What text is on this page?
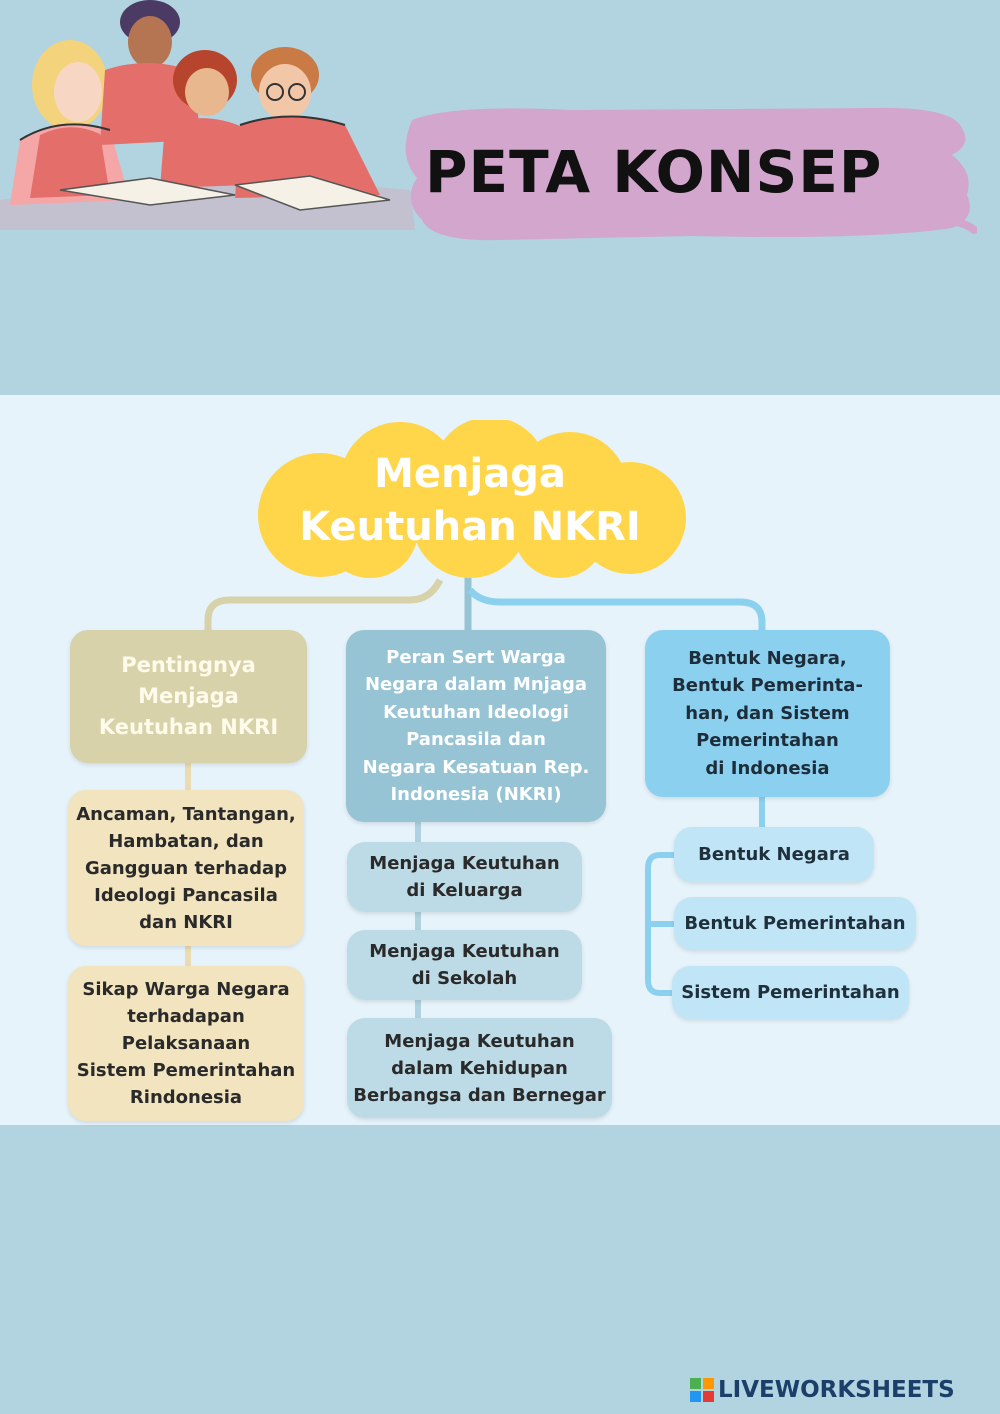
PETA KONSEP
Menjaga
Keutuhan NKRI
Pentingnya
Menjaga
Keutuhan NKRI
Ancaman, Tantangan,
Hambatan, dan
Gangguan terhadap
Ideologi Pancasila
dan NKRI
Sikap Warga Negara
terhadapan
Pelaksanaan
Sistem Pemerintahan
Rindonesia
Peran Sert Warga
Negara dalam Mnjaga
Keutuhan Ideologi
Pancasila dan
Negara Kesatuan Rep.
Indonesia (NKRI)
Menjaga Keutuhan
di Keluarga
Menjaga Keutuhan
di Sekolah
Menjaga Keutuhan
dalam Kehidupan
Berbangsa dan Bernegar
Bentuk Negara,
Bentuk Pemerinta-
han, dan Sistem
Pemerintahan
di Indonesia
Bentuk Negara
Bentuk Pemerintahan
Sistem Pemerintahan
LIVEWORKSHEETS
